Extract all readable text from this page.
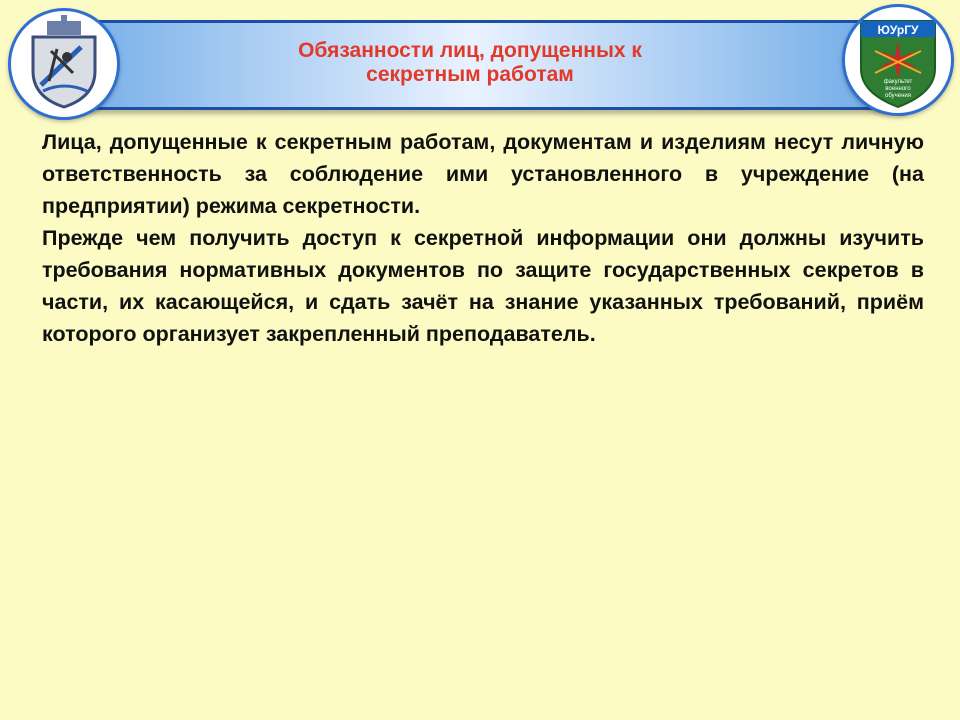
Обязанности лиц, допущенных к секретным работам
ЮУрГУ
факультет
военного
обучения

Лица, допущенные к секретным работам, документам и изделиям несут личную ответственность за соблюдение ими установленного в учреждение (на предприятии) режима секретности.

Прежде чем получить доступ к секретной информации они должны изучить требования нормативных документов по защите государственных секретов в части, их касающейся, и сдать зачёт на знание указанных требований, приём которого организует закрепленный преподаватель.
